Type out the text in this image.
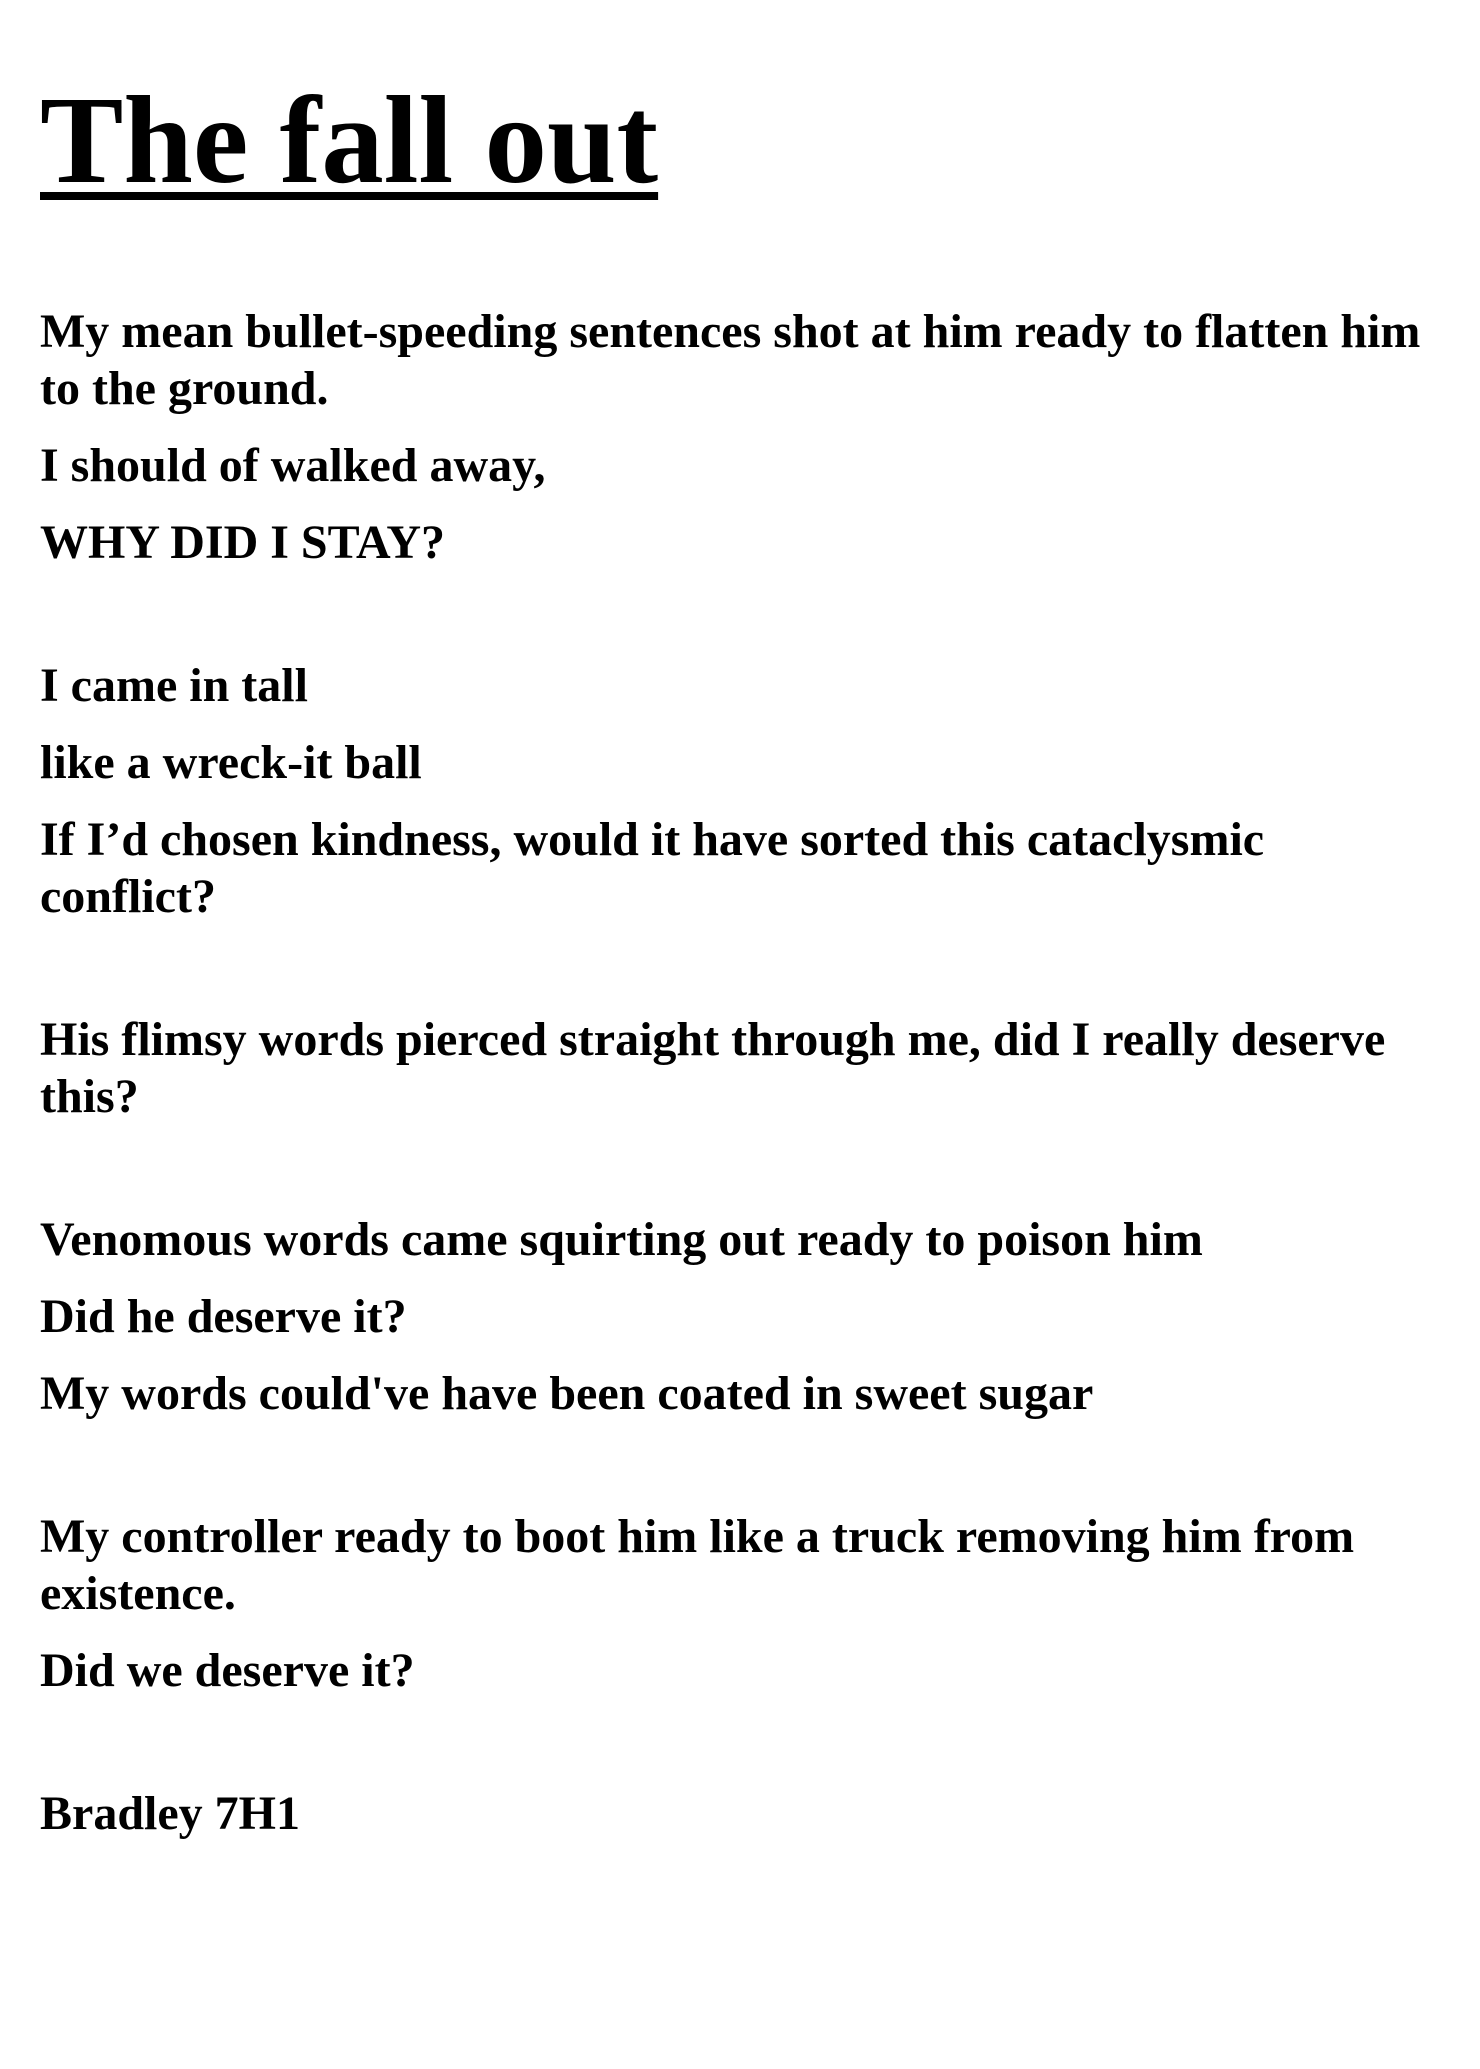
The fall out
My mean bullet-speeding sentences shot at him ready to flatten him
to the ground.
I should of walked away,
WHY DID I STAY?
I came in tall
like a wreck-it ball
If I’d chosen kindness, would it have sorted this cataclysmic
conflict?
His flimsy words pierced straight through me, did I really deserve
this?
Venomous words came squirting out ready to poison him
Did he deserve it?
My words could've have been coated in sweet sugar
My controller ready to boot him like a truck removing him from
existence.
Did we deserve it?
Bradley 7H1
